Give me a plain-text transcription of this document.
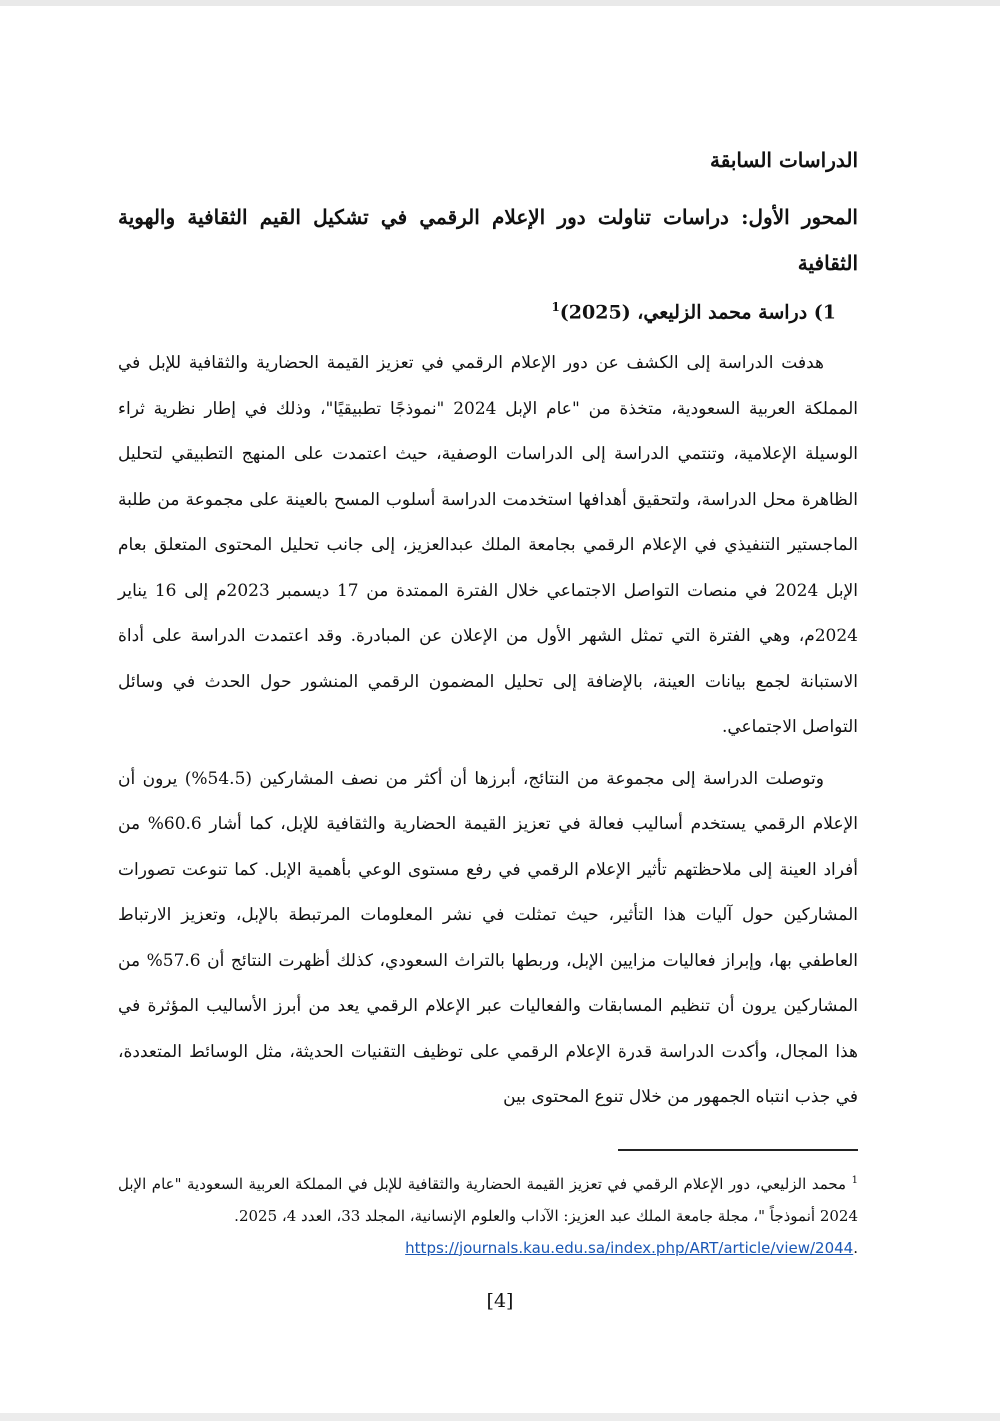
الدراسات السابقة
المحور الأول: دراسات تناولت دور الإعلام الرقمي في تشكيل القيم الثقافية والهوية الثقافية
1) دراسة محمد الزليعي، $(2025)^1$

هدفت الدراسة إلى الكشف عن دور الإعلام الرقمي في تعزيز القيمة الحضارية والثقافية للإبل في المملكة العربية السعودية، متخذة من "عام الإبل 2024 "نموذجًا تطبيقيًا"، وذلك في إطار نظرية ثراء الوسيلة الإعلامية، وتنتمي الدراسة إلى الدراسات الوصفية، حيث اعتمدت على المنهج التطبيقي لتحليل الظاهرة محل الدراسة، ولتحقيق أهدافها استخدمت الدراسة أسلوب المسح بالعينة على مجموعة من طلبة الماجستير التنفيذي في الإعلام الرقمي بجامعة الملك عبدالعزيز، إلى جانب تحليل المحتوى المتعلق بعام الإبل 2024 في منصات التواصل الاجتماعي خلال الفترة الممتدة من 17 ديسمبر 2023م إلى 16 يناير 2024م، وهي الفترة التي تمثل الشهر الأول من الإعلان عن المبادرة. وقد اعتمدت الدراسة على أداة الاستبانة لجمع بيانات العينة، بالإضافة إلى تحليل المضمون الرقمي المنشور حول الحدث في وسائل التواصل الاجتماعي.

وتوصلت الدراسة إلى مجموعة من النتائج، أبرزها أن أكثر من نصف المشاركين (54.5%) يرون أن الإعلام الرقمي يستخدم أساليب فعالة في تعزيز القيمة الحضارية والثقافية للإبل، كما أشار 60.6% من أفراد العينة إلى ملاحظتهم تأثير الإعلام الرقمي في رفع مستوى الوعي بأهمية الإبل. كما تنوعت تصورات المشاركين حول آليات هذا التأثير، حيث تمثلت في نشر المعلومات المرتبطة بالإبل، وتعزيز الارتباط العاطفي بها، وإبراز فعاليات مزايين الإبل، وربطها بالتراث السعودي، كذلك أظهرت النتائج أن 57.6% من المشاركين يرون أن تنظيم المسابقات والفعاليات عبر الإعلام الرقمي يعد من أبرز الأساليب المؤثرة في هذا المجال، وأكدت الدراسة قدرة الإعلام الرقمي على توظيف التقنيات الحديثة، مثل الوسائط المتعددة، في جذب انتباه الجمهور من خلال تنوع المحتوى بين

$^1$ محمد الزليعي، دور الإعلام الرقمي في تعزيز القيمة الحضارية والثقافية للإبل في المملكة العربية السعودية "عام الإبل 2024 أنموذجاً "، مجلة جامعة الملك عبد العزيز: الآداب والعلوم الإنسانية، المجلد 33، العدد 4، 2025.
.https://journals.kau.edu.sa/index.php/ART/article/view/2044
[4]
